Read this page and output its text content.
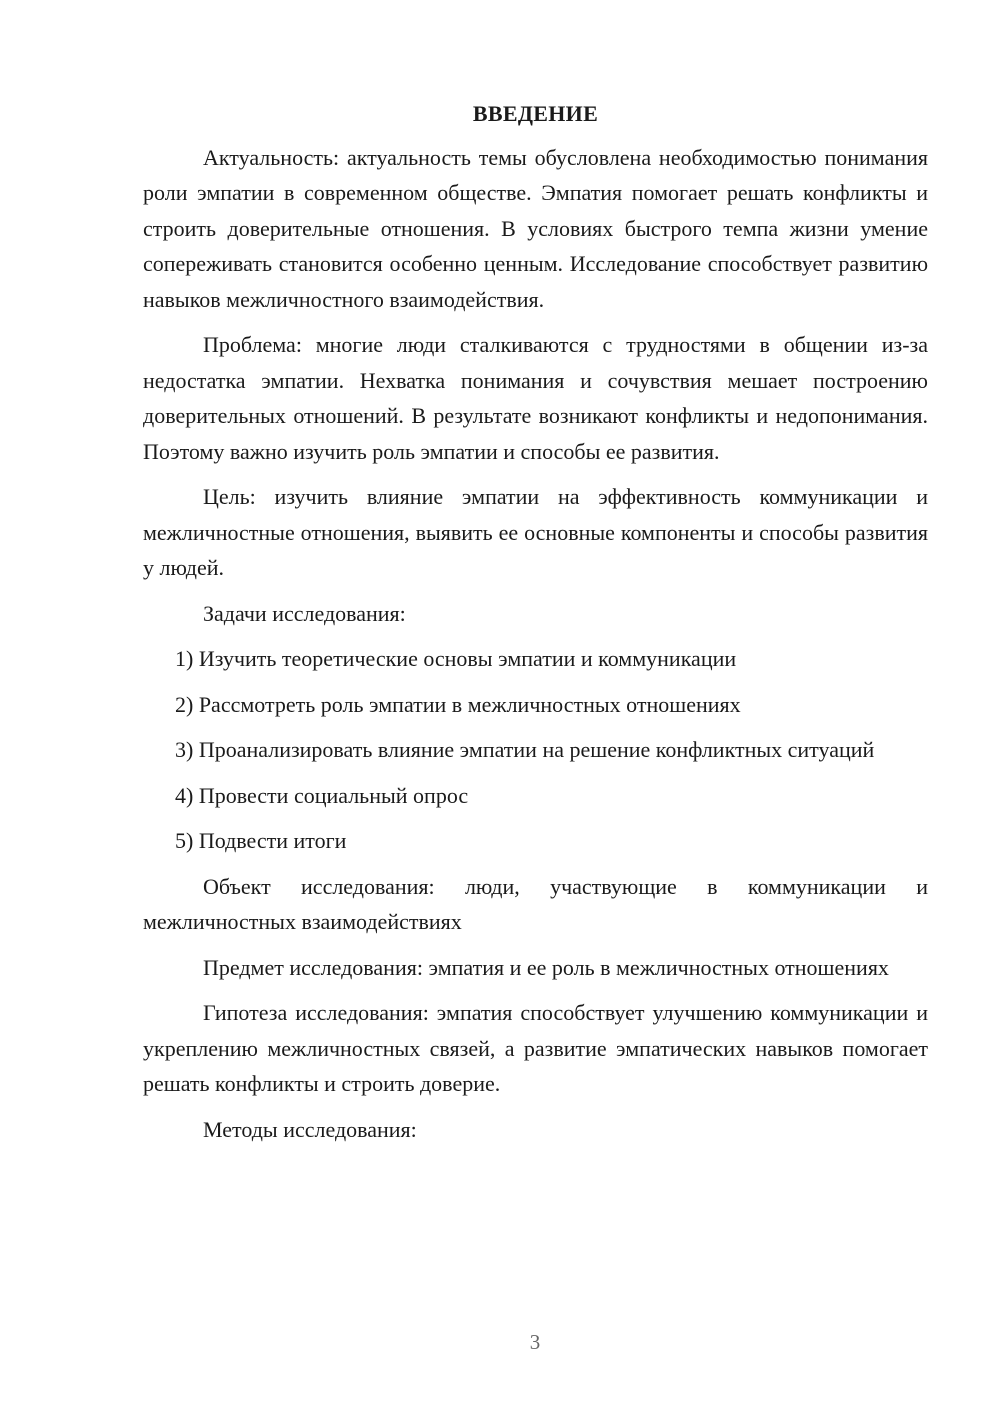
ВВЕДЕНИЕ

Актуальность: актуальность темы обусловлена необходимостью понимания роли эмпатии в современном обществе. Эмпатия помогает решать конфликты и строить доверительные отношения. В условиях быстрого темпа жизни умение сопереживать становится особенно ценным. Исследование способствует развитию навыков межличностного взаимодействия.

Проблема: многие люди сталкиваются с трудностями в общении из-за недостатка эмпатии. Нехватка понимания и сочувствия мешает построению доверительных отношений. В результате возникают конфликты и недопонимания. Поэтому важно изучить роль эмпатии и способы ее развития.

Цель: изучить влияние эмпатии на эффективность коммуникации и межличностные отношения, выявить ее основные компоненты и способы развития у людей.

Задачи исследования:

1) Изучить теоретические основы эмпатии и коммуникации

2) Рассмотреть роль эмпатии в межличностных отношениях

3) Проанализировать влияние эмпатии на решение конфликтных ситуаций

4) Провести социальный опрос

5) Подвести итоги

Объект исследования: люди, участвующие в коммуникации и межличностных взаимодействиях

Предмет исследования: эмпатия и ее роль в межличностных отношениях

Гипотеза исследования: эмпатия способствует улучшению коммуникации и укреплению межличностных связей, а развитие эмпатических навыков помогает решать конфликты и строить доверие.

Методы исследования:

3
